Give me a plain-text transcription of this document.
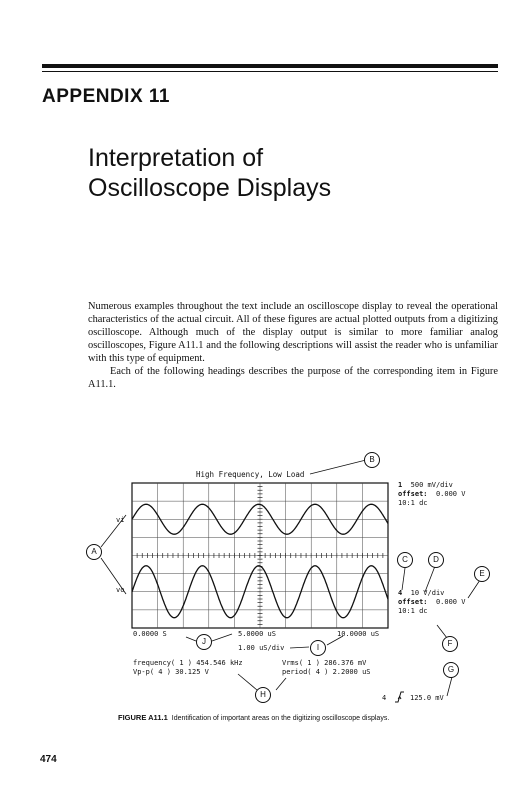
APPENDIX 11
Interpretation of
Oscilloscope Displays

Numerous examples throughout the text include an oscilloscope display to reveal the operational characteristics of the actual circuit. All of these figures are actual plotted outputs from a digitizing oscilloscope. Although much of the display output is similar to more familiar analog oscilloscopes, Figure A11.1 and the following descriptions will assist the reader who is unfamiliar with this type of equipment.

Each of the following headings describes the purpose of the corresponding item in Figure A11.1.

High Frequency, Low Load
vi
vo
1 500 mV/div
offset: 0.000 V
10:1 dc
4 10 V/div
offset: 0.000 V
10:1 dc
0.0000 S	5.0000 uS	10.0000 uS
1.00 uS/div
frequency( 1 ) 454.546 kHz
Vp-p( 4 ) 30.125 V
Vrms( 1 ) 286.376 mV
period( 4 ) 2.2000 uS
4	125.0 mV
B
A
C	D
E
F
G
H
I
J
FIGURE A11.1 Identification of important areas on the digitizing oscilloscope displays.
474
